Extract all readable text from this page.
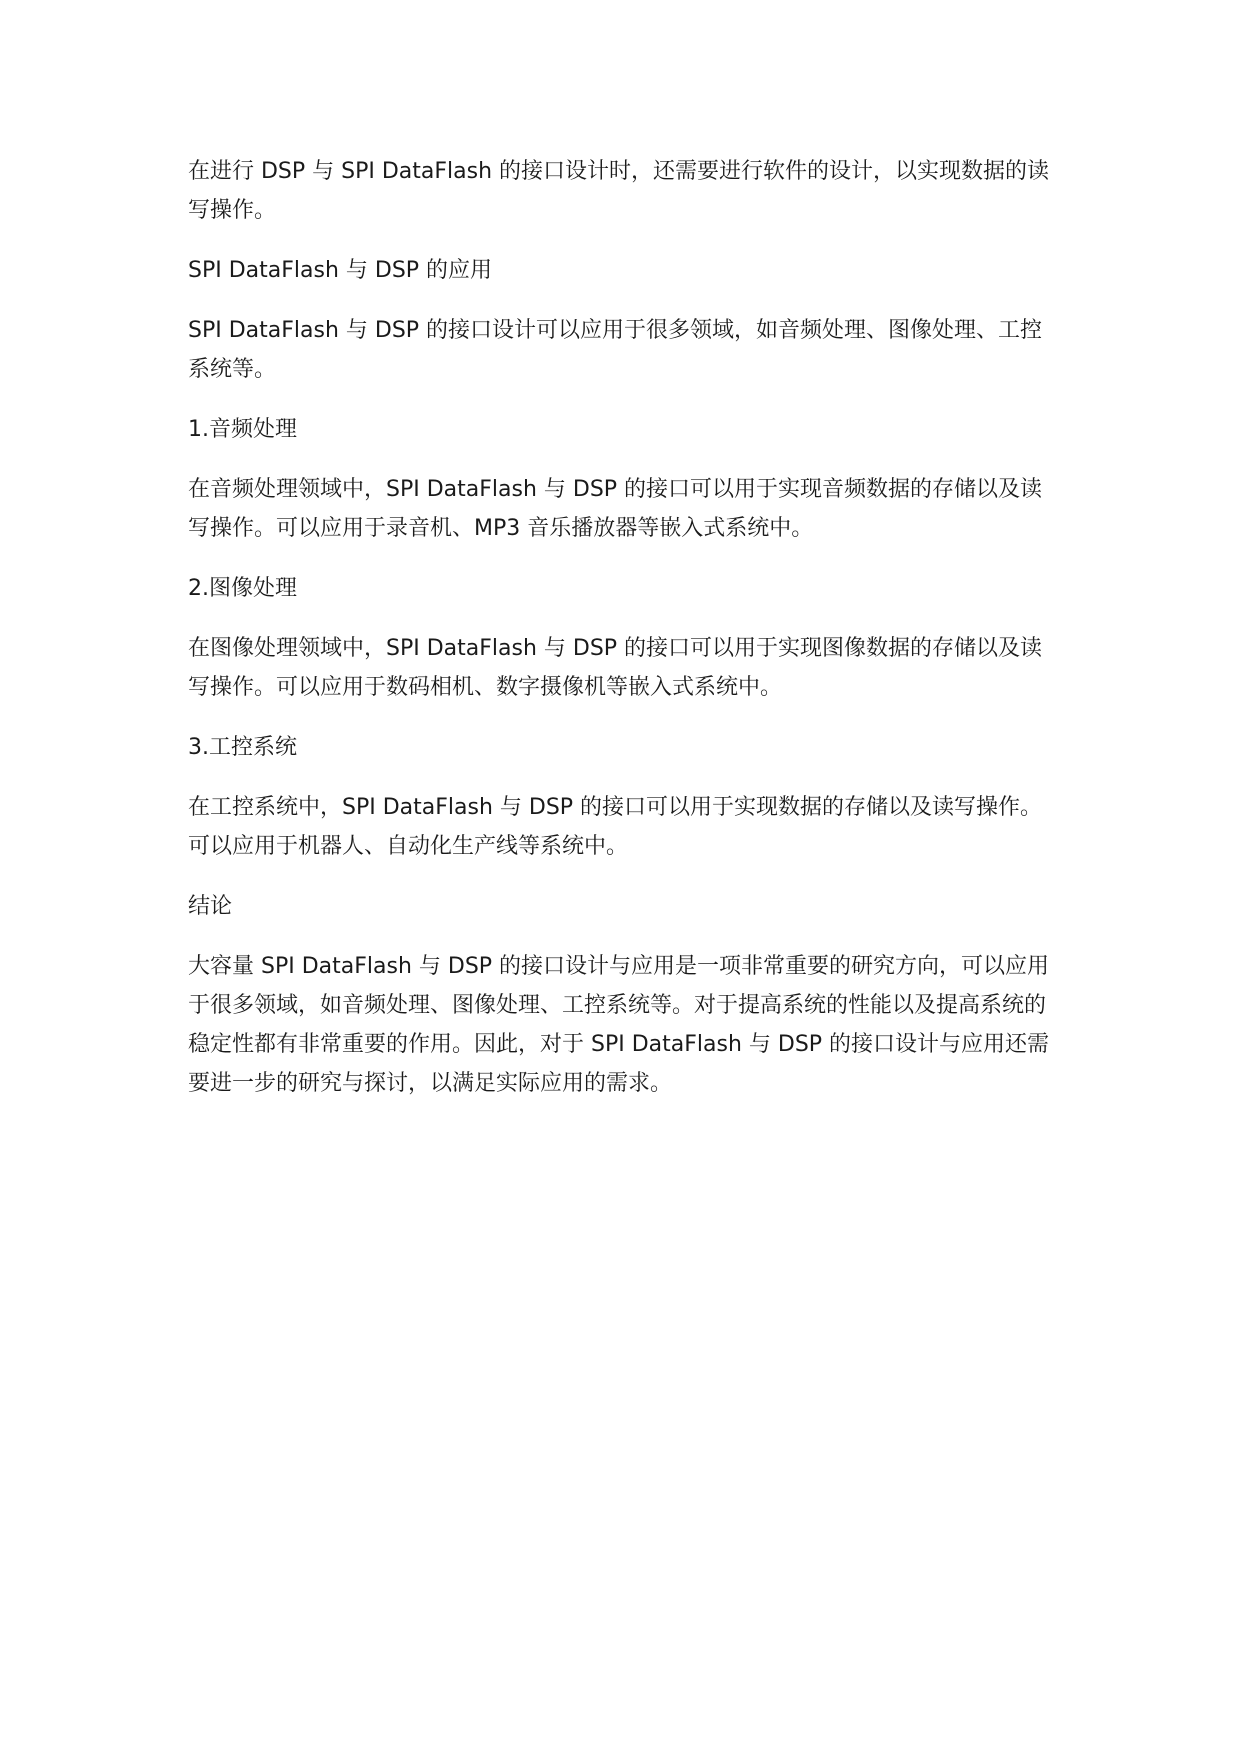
在进行 DSP 与 SPI DataFlash 的接口设计时，还需要进行软件的设计，以实现数据的读写操作。

SPI DataFlash 与 DSP 的应用

SPI DataFlash 与 DSP 的接口设计可以应用于很多领域，如音频处理、图像处理、工控系统等。

1.音频处理

在音频处理领域中，SPI DataFlash 与 DSP 的接口可以用于实现音频数据的存储以及读写操作。可以应用于录音机、MP3 音乐播放器等嵌入式系统中。

2.图像处理

在图像处理领域中，SPI DataFlash 与 DSP 的接口可以用于实现图像数据的存储以及读写操作。可以应用于数码相机、数字摄像机等嵌入式系统中。

3.工控系统

在工控系统中，SPI DataFlash 与 DSP 的接口可以用于实现数据的存储以及读写操作。可以应用于机器人、自动化生产线等系统中。

结论

大容量 SPI DataFlash 与 DSP 的接口设计与应用是一项非常重要的研究方向，可以应用于很多领域，如音频处理、图像处理、工控系统等。对于提高系统的性能以及提高系统的稳定性都有非常重要的作用。因此，对于 SPI DataFlash 与 DSP 的接口设计与应用还需要进一步的研究与探讨，以满足实际应用的需求。
